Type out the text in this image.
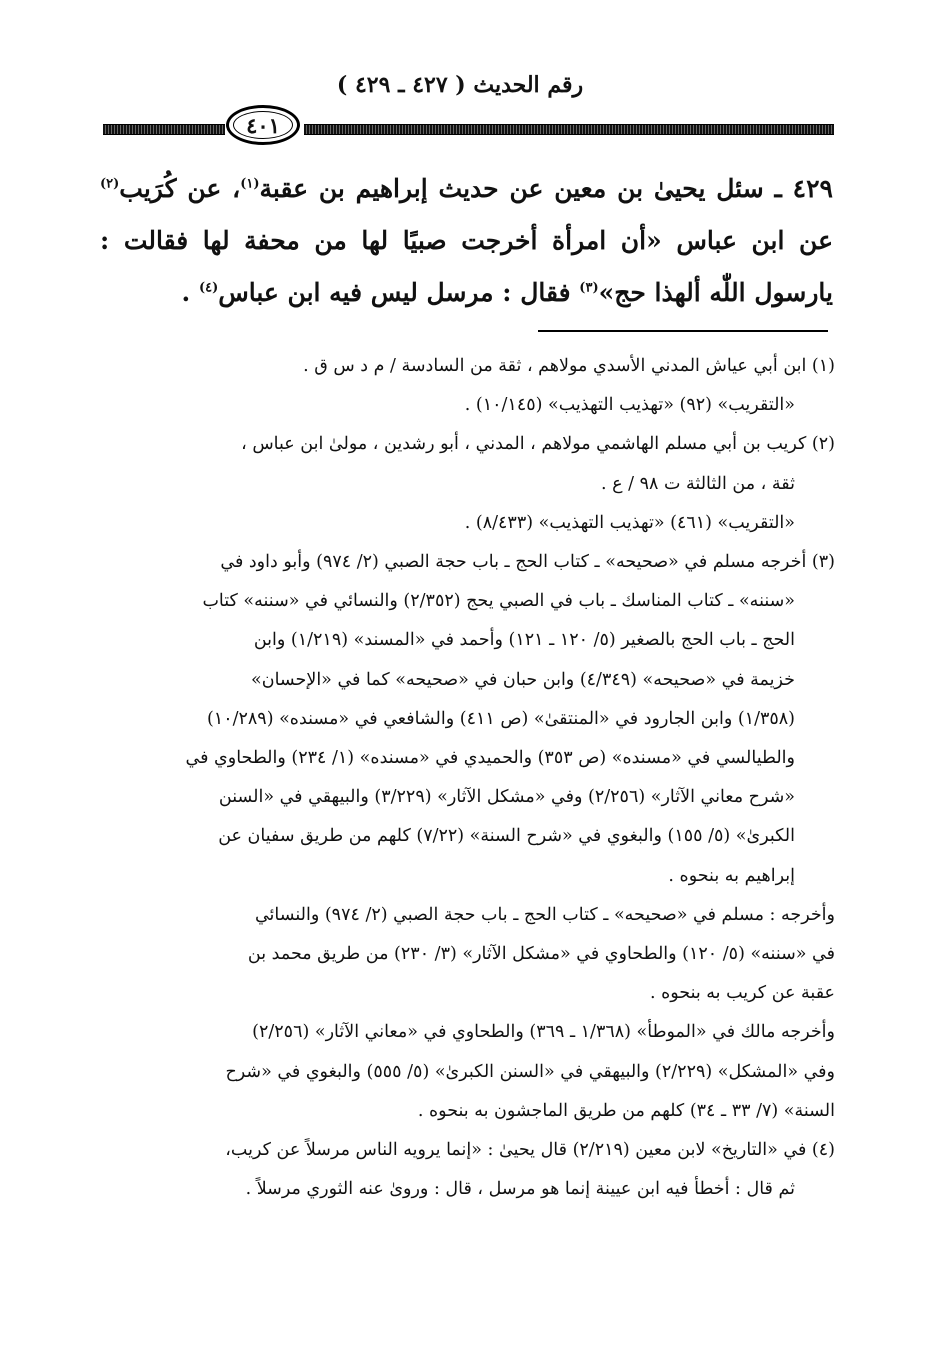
رقم الحديث ( ٤٢٧ ـ ٤٢٩ )
٤٠١
٤٢٩ ـ سئل يحيىٰ بن معين عن حديث إبراهيم بن عقبة$^{(١)}$، عن كُرَيب$^{(٢)}$ عن ابن عباس «أن امرأة أخرجت صبيًا لها من محفة لها فقالت : يارسول اللّٰه ألهذا حج»$^{(٣)}$ فقال : مرسل ليس فيه ابن عباس$^{(٤)}$ .
(١) ابن أبي عياش المدني الأسدي مولاهم ، ثقة من السادسة / م د س ق .
«التقريب» (٩٢) «تهذيب التهذيب» (١٠/١٤٥) .
(٢) كريب بن أبي مسلم الهاشمي مولاهم ، المدني ، أبو رشدين ، مولىٰ ابن عباس ،
ثقة ، من الثالثة ت ٩٨ / ع .
«التقريب» (٤٦١) «تهذيب التهذيب» (٨/٤٣٣) .
(٣) أخرجه مسلم في «صحيحه» ـ كتاب الحج ـ باب حجة الصبي (٢/ ٩٧٤) وأبو داود في
«سننه» ـ كتاب المناسك ـ باب في الصبي يحج (٢/٣٥٢) والنسائي في «سننه» كتاب
الحج ـ باب الحج بالصغير (٥/ ١٢٠ ـ ١٢١) وأحمد في «المسند» (١/٢١٩) وابن
خزيمة في «صحيحه» (٤/٣٤٩) وابن حبان في «صحيحه» كما في «الإحسان»
(١/٣٥٨) وابن الجارود في «المنتقىٰ» (ص ٤١١) والشافعي في «مسنده» (١٠/٢٨٩)
والطيالسي في «مسنده» (ص ٣٥٣) والحميدي في «مسنده» (١/ ٢٣٤) والطحاوي في
«شرح معاني الآثار» (٢/٢٥٦) وفي «مشكل الآثار» (٣/٢٢٩) والبيهقي في «السنن
الكبرىٰ» (٥/ ١٥٥) والبغوي في «شرح السنة» (٧/٢٢) كلهم من طريق سفيان عن
إبراهيم به بنحوه .
وأخرجه : مسلم في «صحيحه» ـ كتاب الحج ـ باب حجة الصبي (٢/ ٩٧٤) والنسائي
في «سننه» (٥/ ١٢٠) والطحاوي في «مشكل الآثار» (٣/ ٢٣٠) من طريق محمد بن
عقبة عن كريب به بنحوه .
وأخرجه مالك في «الموطأ» (١/٣٦٨ ـ ٣٦٩) والطحاوي في «معاني الآثار» (٢/٢٥٦)
وفي «المشكل» (٢/٢٢٩) والبيهقي في «السنن الكبرىٰ» (٥/ ٥٥٥) والبغوي في «شرح
السنة» (٧/ ٣٣ ـ ٣٤) كلهم من طريق الماجشون به بنحوه .
(٤) في «التاريخ» لابن معين (٢/٢١٩) قال يحيىٰ : «إنما يرويه الناس مرسلاً عن كريب،
ثم قال : أخطأ فيه ابن عيينة إنما هو مرسل ، قال : وروىٰ عنه الثوري مرسلاً .
